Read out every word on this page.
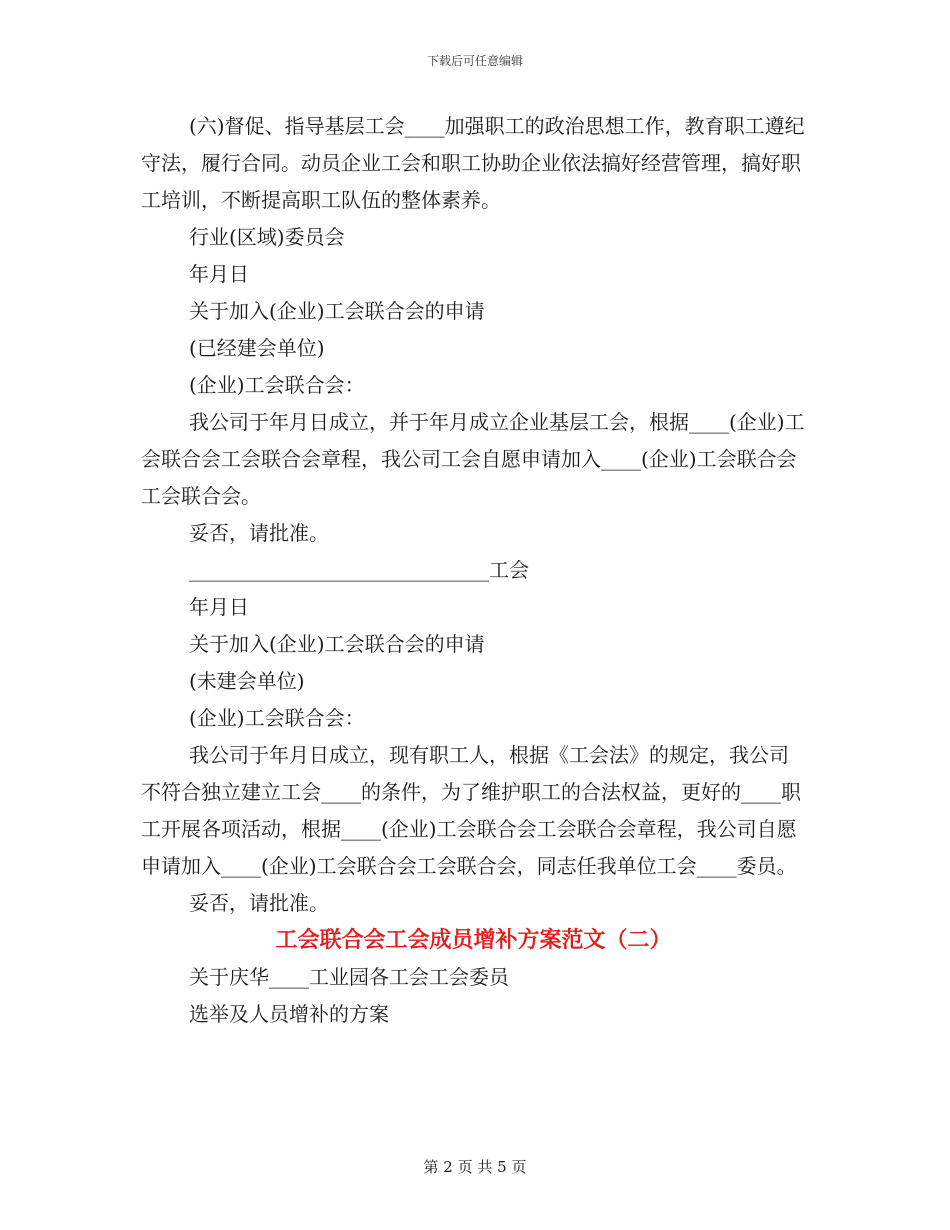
下载后可任意编辑

(六)督促、指导基层工会____加强职工的政治思想工作，教育职工遵纪守法，履行合同。动员企业工会和职工协助企业依法搞好经营管理，搞好职工培训，不断提高职工队伍的整体素养。

行业(区域)委员会

年月日

关于加入(企业)工会联合会的申请

(已经建会单位)

(企业)工会联合会：

我公司于年月日成立，并于年月成立企业基层工会，根据____(企业)工会联合会工会联合会章程，我公司工会自愿申请加入____(企业)工会联合会工会联合会。

妥否，请批准。

______________________________工会

年月日

关于加入(企业)工会联合会的申请

(未建会单位)

(企业)工会联合会：

我公司于年月日成立，现有职工人，根据《工会法》的规定，我公司不符合独立建立工会____的条件，为了维护职工的合法权益，更好的____职工开展各项活动，根据____(企业)工会联合会工会联合会章程，我公司自愿申请加入____(企业)工会联合会工会联合会，同志任我单位工会____委员。

妥否，请批准。

工会联合会工会成员增补方案范文（二）

关于庆华____工业园各工会工会委员

选举及人员增补的方案

第 2 页 共 5 页
